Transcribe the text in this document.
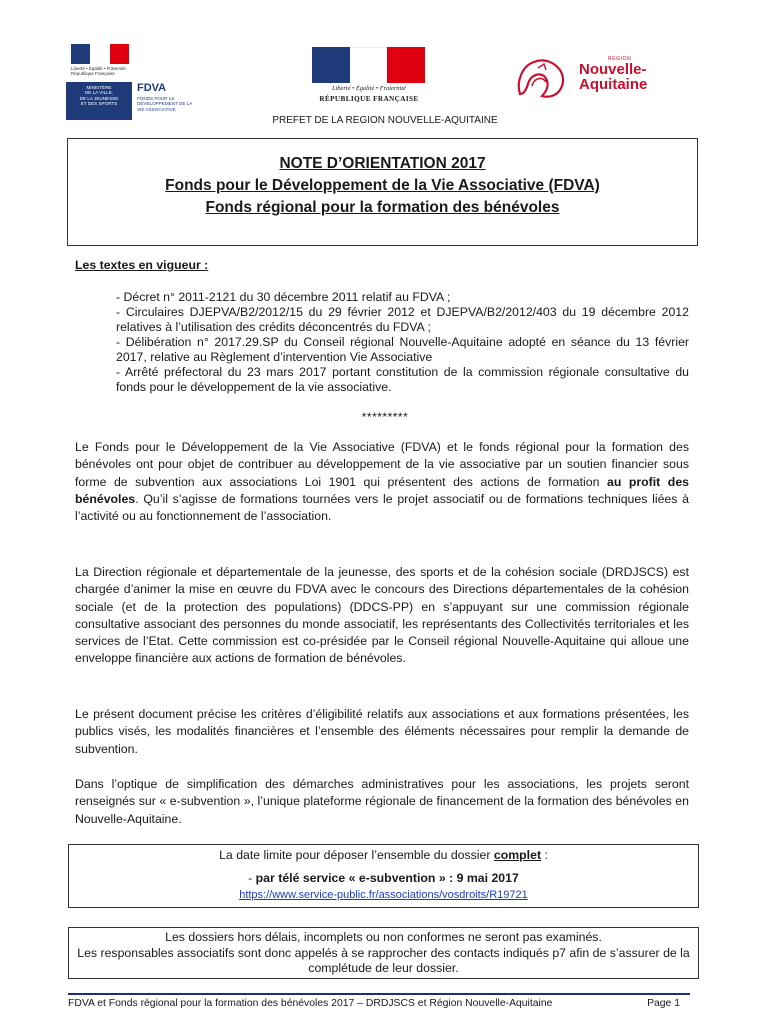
Liberté • Égalité • Fraternité
République Française
MINISTÈRE
DE LA VILLE,
DE LA JEUNESSE
ET DES SPORTS
FDVA
FONDS POUR LE DÉVELOPPEMENT DE LA VIE ASSOCIATIVE
Liberté • Égalité • Fraternité
RÉPUBLIQUE FRANÇAISE
RÉGION
Nouvelle-
Aquitaine
PREFET DE LA REGION NOUVELLE-AQUITAINE
NOTE D’ORIENTATION 2017
Fonds pour le Développement de la Vie Associative (FDVA)
Fonds régional pour la formation des bénévoles
Les textes en vigueur :
- Décret n° 2011-2121 du 30 décembre 2011 relatif au FDVA ;
- Circulaires DJEPVA/B2/2012/15 du 29 février 2012 et DJEPVA/B2/2012/403 du 19 décembre 2012 relatives à l’utilisation des crédits déconcentrés du FDVA ;
- Délibération n° 2017.29.SP du Conseil régional Nouvelle-Aquitaine adopté en séance du 13 février 2017, relative au Règlement d’intervention Vie Associative
- Arrêté préfectoral du 23 mars 2017 portant constitution de la commission régionale consultative du fonds pour le développement de la vie associative.
*********
Le Fonds pour le Développement de la Vie Associative (FDVA) et le fonds régional pour la formation des bénévoles ont pour objet de contribuer au développement de la vie associative par un soutien financier sous forme de subvention aux associations Loi 1901 qui présentent des actions de formation au profit des bénévoles. Qu’il s’agisse de formations tournées vers le projet associatif ou de formations techniques liées à l’activité ou au fonctionnement de l’association.
La Direction régionale et départementale de la jeunesse, des sports et de la cohésion sociale (DRDJSCS) est chargée d’animer la mise en œuvre du FDVA avec le concours des Directions départementales de la cohésion sociale (et de la protection des populations) (DDCS-PP) en s’appuyant sur une commission régionale consultative associant des personnes du monde associatif, les représentants des Collectivités territoriales et les services de l’Etat. Cette commission est co-présidée par le Conseil régional Nouvelle-Aquitaine qui alloue une enveloppe financière aux actions de formation de bénévoles.
Le présent document précise les critères d’éligibilité relatifs aux associations et aux formations présentées, les publics visés, les modalités financières et l’ensemble des éléments nécessaires pour remplir la demande de subvention.
Dans l’optique de simplification des démarches administratives pour les associations, les projets seront renseignés sur « e-subvention », l’unique plateforme régionale de financement de la formation des bénévoles en Nouvelle-Aquitaine.
La date limite pour déposer l’ensemble du dossier complet :
- par télé service « e-subvention » : 9 mai 2017
https://www.service-public.fr/associations/vosdroits/R19721
Les dossiers hors délais, incomplets ou non conformes ne seront pas examinés.
Les responsables associatifs sont donc appelés à se rapprocher des contacts indiqués p7 afin de s’assurer de la complétude de leur dossier.
FDVA et Fonds régional pour la formation des bénévoles 2017 – DRDJSCS et Région Nouvelle-Aquitaine	Page 1
